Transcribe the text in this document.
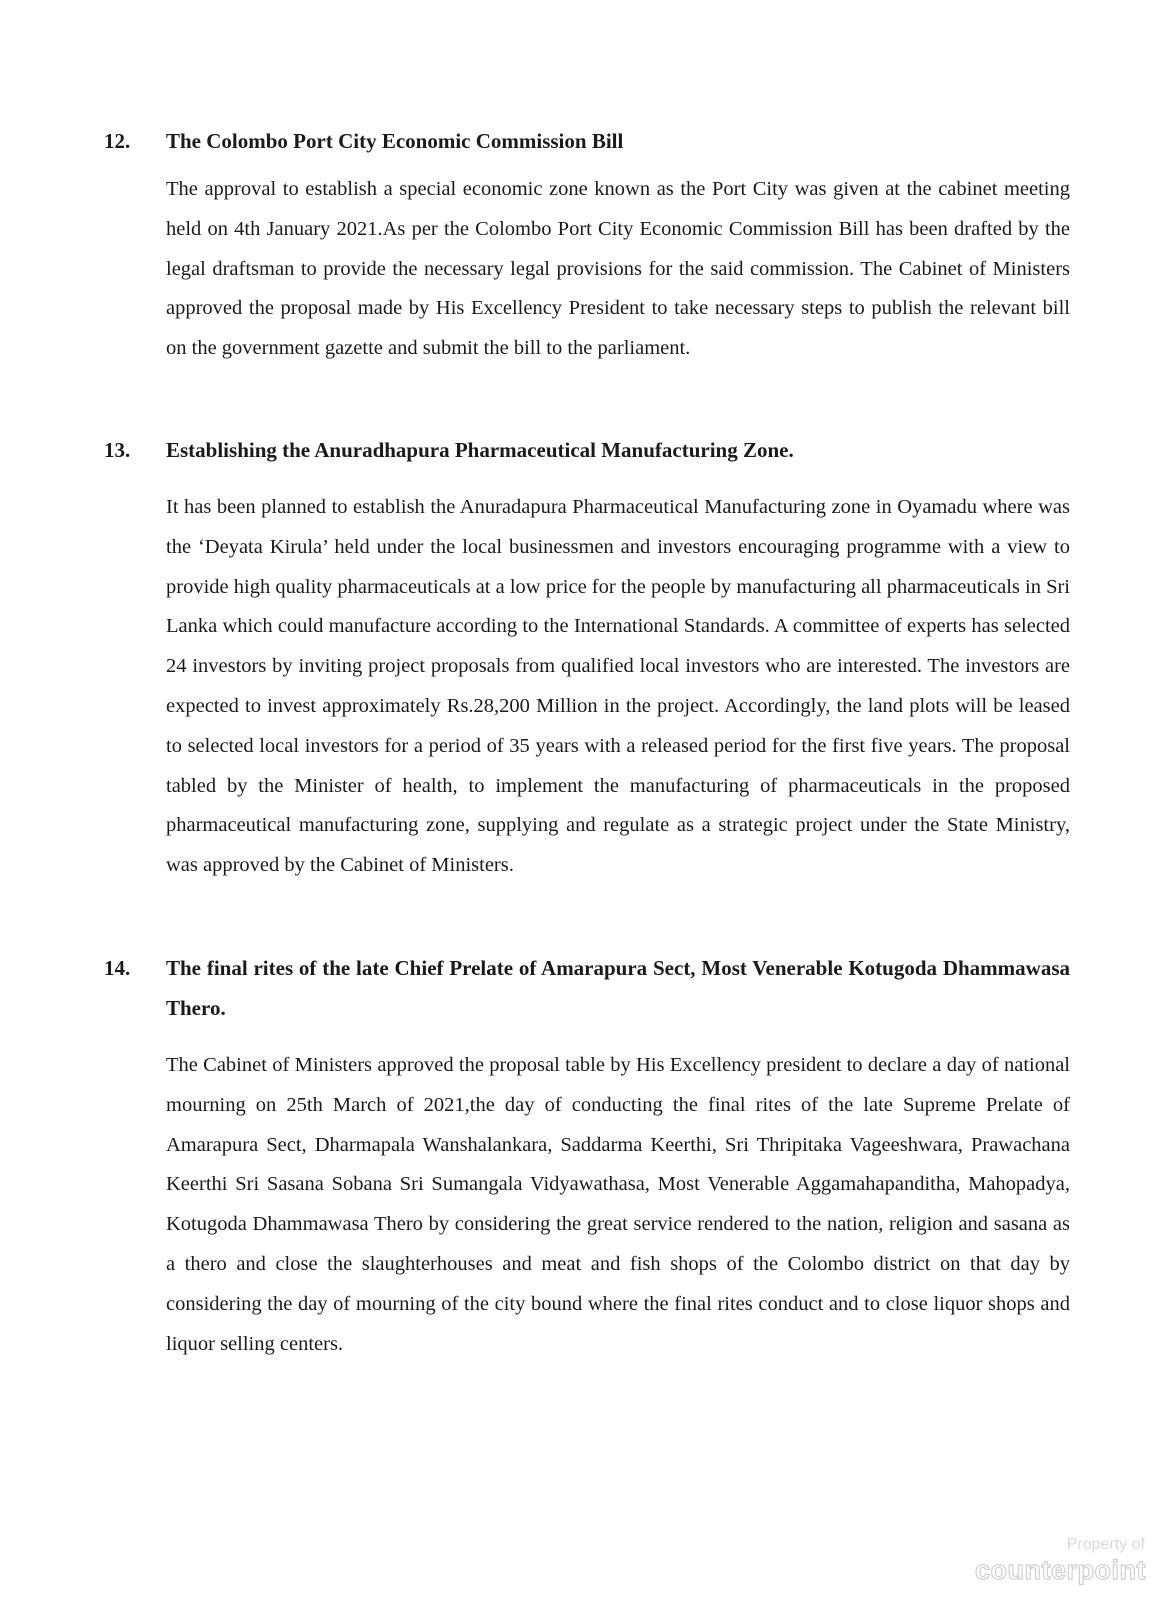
12.	The Colombo Port City Economic Commission Bill
The approval to establish a special economic zone known as the Port City was given at the cabinet meeting held on 4th January 2021.As per the Colombo Port City Economic Commission Bill has been drafted by the legal draftsman to provide the necessary legal provisions for the said commission. The Cabinet of Ministers approved the proposal made by His Excellency President to take necessary steps to publish the relevant bill on the government gazette and submit the bill to the parliament.
13.	Establishing the Anuradhapura Pharmaceutical Manufacturing Zone.
It has been planned to establish the Anuradapura Pharmaceutical Manufacturing zone in Oyamadu where was the ‘Deyata Kirula’ held under the local businessmen and investors encouraging programme with a view to provide high quality pharmaceuticals at a low price for the people by manufacturing all pharmaceuticals in Sri Lanka which could manufacture according to the International Standards. A committee of experts has selected 24 investors by inviting project proposals from qualified local investors who are interested. The investors are expected to invest approximately Rs.28,200 Million in the project. Accordingly, the land plots will be leased to selected local investors for a period of 35 years with a released period for the first five years. The proposal tabled by the Minister of health, to implement the manufacturing of pharmaceuticals in the proposed pharmaceutical manufacturing zone, supplying and regulate as a strategic project under the State Ministry, was approved by the Cabinet of Ministers.
14.	The final rites of the late Chief Prelate of Amarapura Sect, Most Venerable Kotugoda Dhammawasa Thero.
The Cabinet of Ministers approved the proposal table by His Excellency president to declare a day of national mourning on 25th March of 2021,the day of conducting the final rites of the late Supreme Prelate of Amarapura Sect, Dharmapala Wanshalankara, Saddarma Keerthi, Sri Thripitaka Vageeshwara, Prawachana Keerthi Sri Sasana Sobana Sri Sumangala Vidyawathasa, Most Venerable Aggamahapanditha, Mahopadya, Kotugoda Dhammawasa Thero by considering the great service rendered to the nation, religion and sasana as a thero and close the slaughterhouses and meat and fish shops of the Colombo district on that day by considering the day of mourning of the city bound where the final rites conduct and to close liquor shops and liquor selling centers.
Property of
counterpoint
